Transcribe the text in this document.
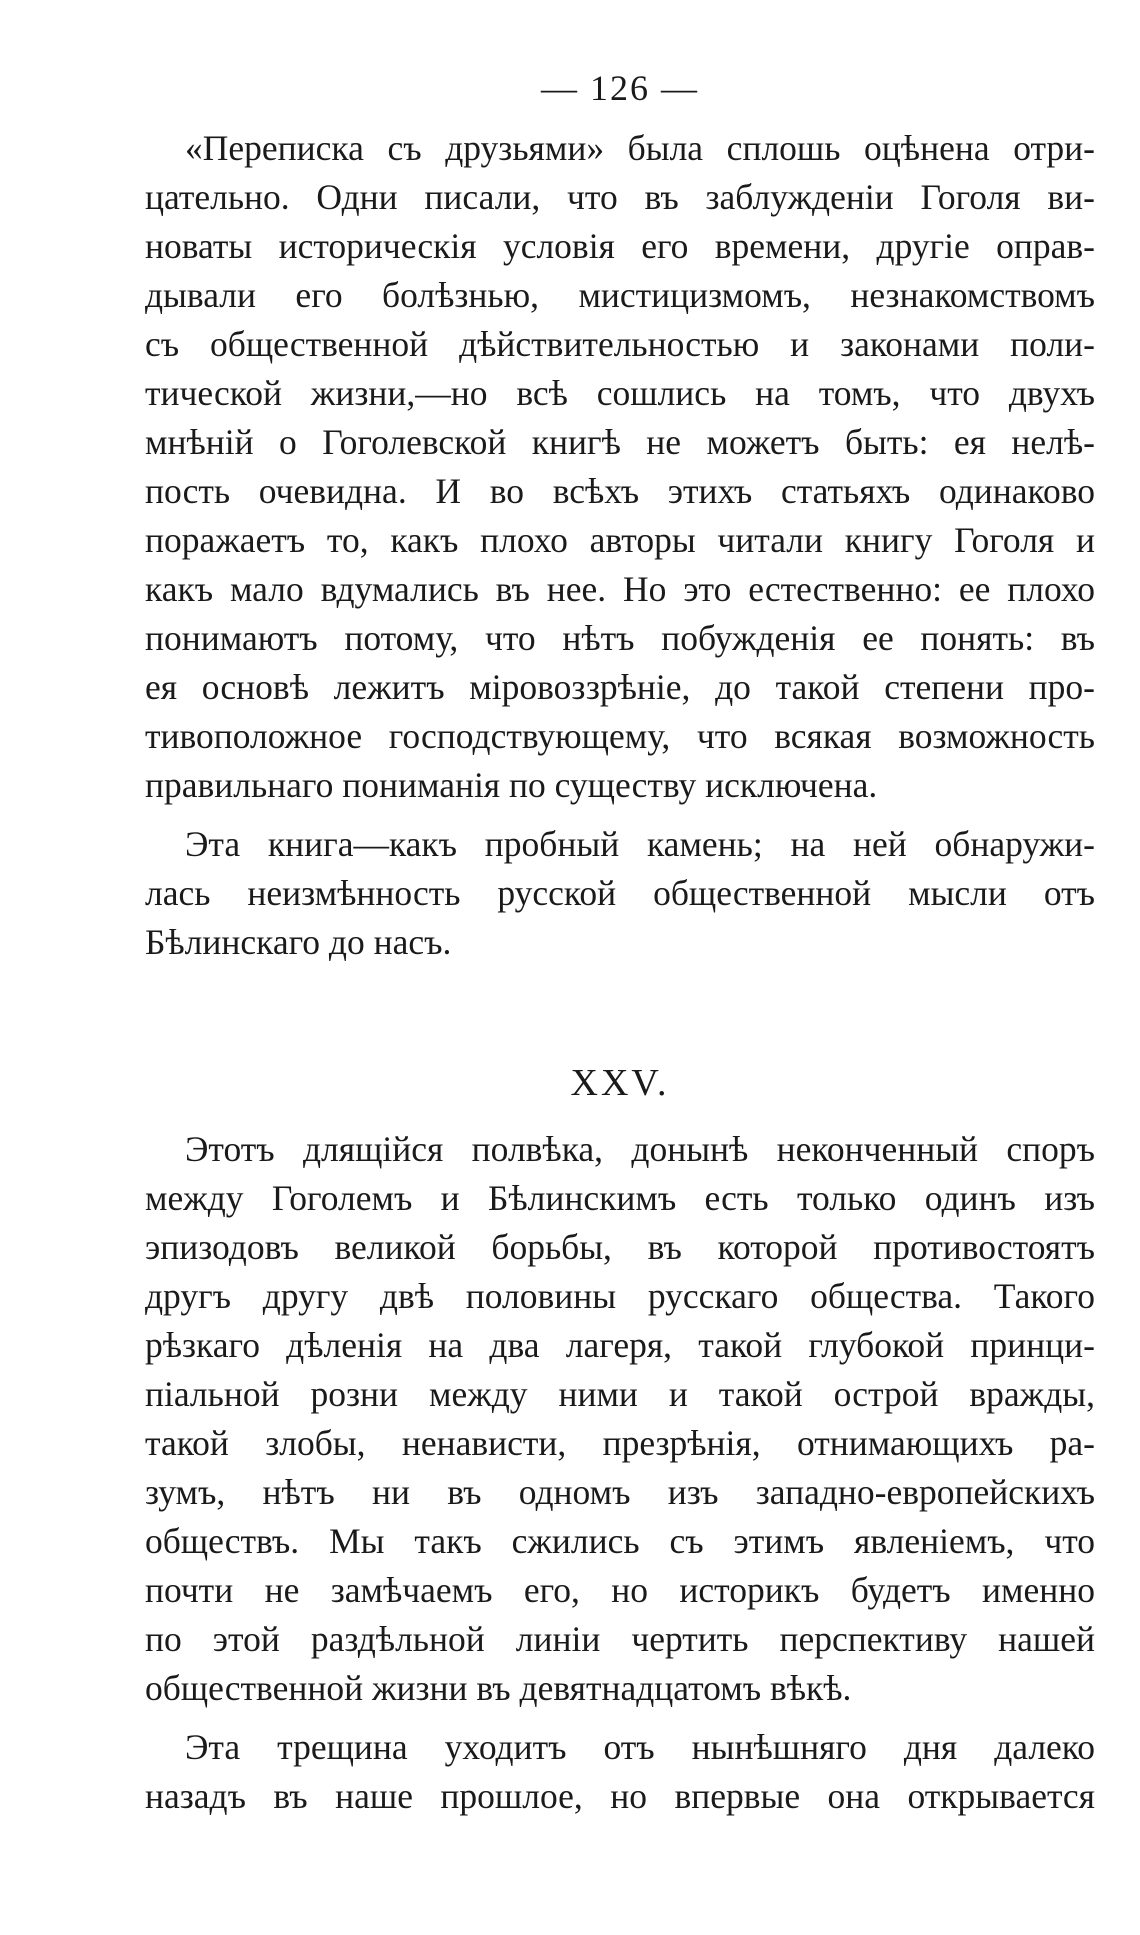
— 126 —
«Переписка съ друзьями» была сплошь оцѣнена отри-
цательно. Одни писали, что въ заблужденіи Гоголя ви-
новаты историческія условія его времени, другіе оправ-
дывали его болѣзнью, мистицизмомъ, незнакомствомъ
съ общественной дѣйствительностью и законами поли-
тической жизни,—но всѣ сошлись на томъ, что двухъ
мнѣній о Гоголевской книгѣ не можетъ быть: ея нелѣ-
пость очевидна. И во всѣхъ этихъ статьяхъ одинаково
поражаетъ то, какъ плохо авторы читали книгу Гоголя и
какъ мало вдумались въ нее. Но это естественно: ее плохо
понимаютъ потому, что нѣтъ побужденія ее понять: въ
ея основѣ лежитъ міровоззрѣніе, до такой степени про-
тивоположное господствующему, что всякая возможность
правильнаго пониманія по существу исключена.
Эта книга—какъ пробный камень; на ней обнаружи-
лась неизмѣнность русской общественной мысли отъ
Бѣлинскаго до насъ.
XXV.
Этотъ длящійся полвѣка, донынѣ неконченный споръ
между Гоголемъ и Бѣлинскимъ есть только одинъ изъ
эпизодовъ великой борьбы, въ которой противостоятъ
другъ другу двѣ половины русскаго общества. Такого
рѣзкаго дѣленія на два лагеря, такой глубокой принци-
піальной розни между ними и такой острой вражды,
такой злобы, ненависти, презрѣнія, отнимающихъ ра-
зумъ, нѣтъ ни въ одномъ изъ западно-европейскихъ
обществъ. Мы такъ сжились съ этимъ явленіемъ, что
почти не замѣчаемъ его, но историкъ будетъ именно
по этой раздѣльной линіи чертить перспективу нашей
общественной жизни въ девятнадцатомъ вѣкѣ.
Эта трещина уходитъ отъ нынѣшняго дня далеко
назадъ въ наше прошлое, но впервые она открывается
